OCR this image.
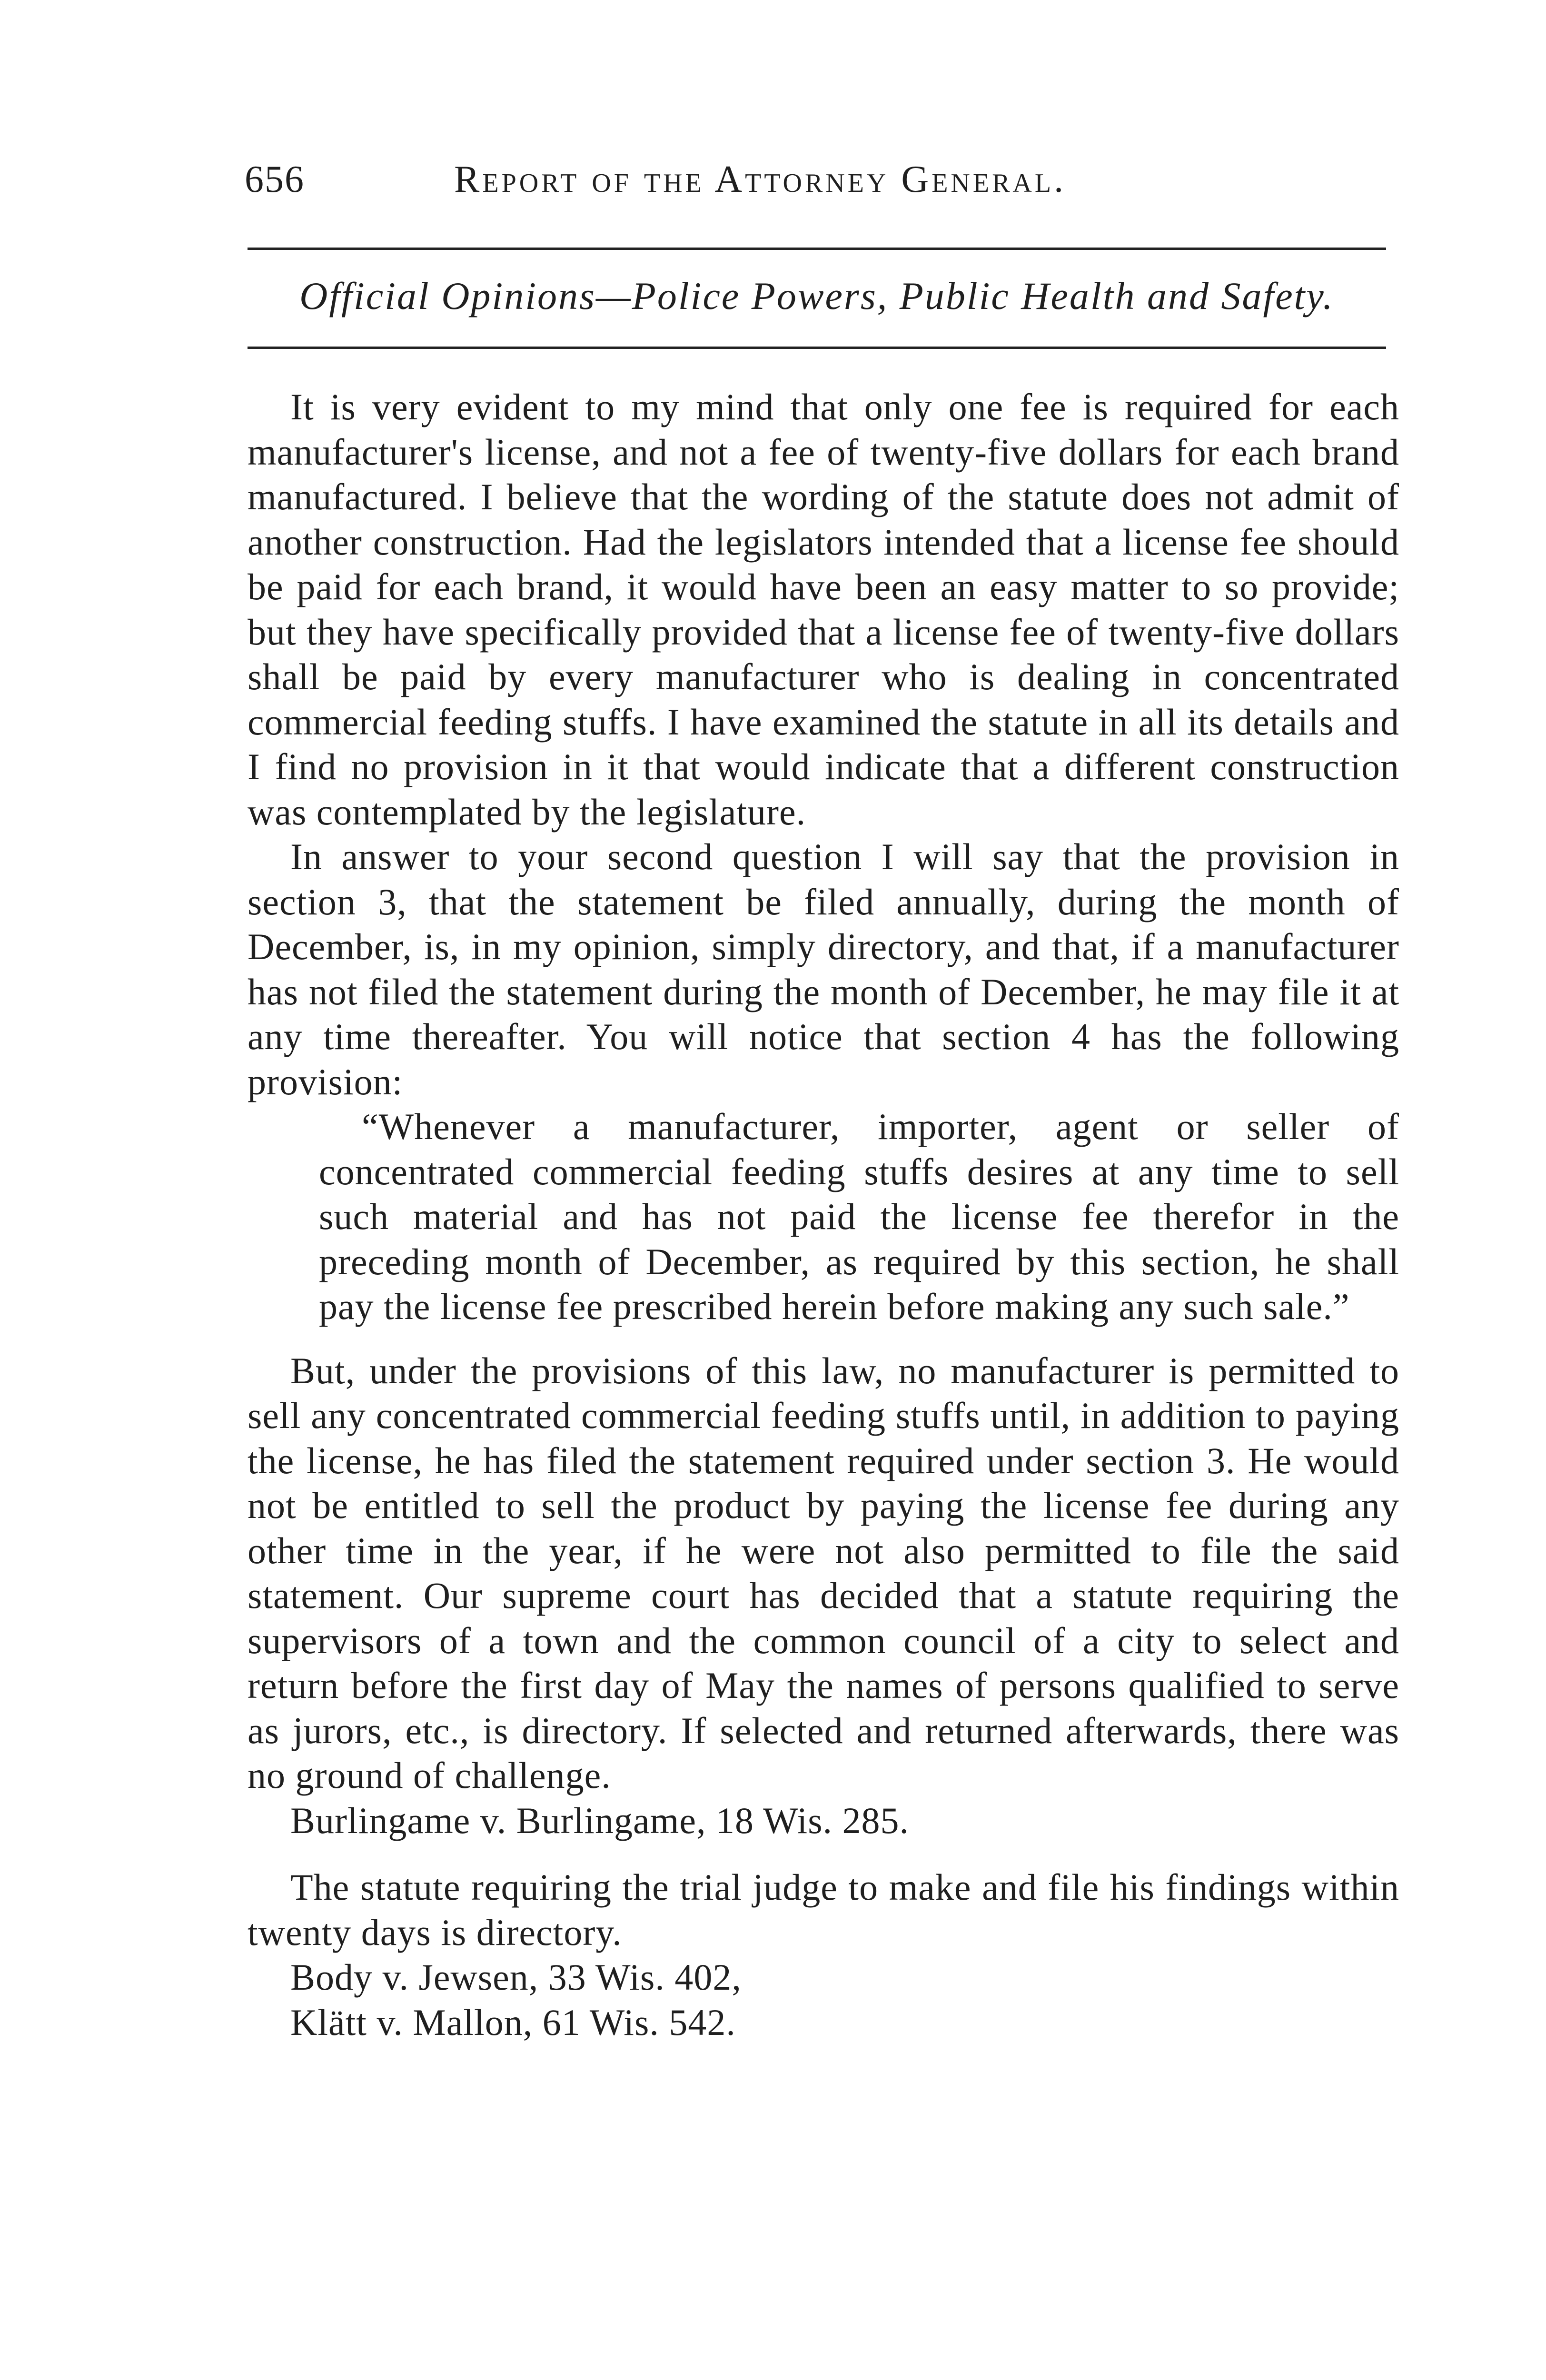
656	Report of the Attorney General.
Official Opinions—Police Powers, Public Health and Safety.

It is very evident to my mind that only one fee is required for each manufacturer's license, and not a fee of twenty-five dollars for each brand manufactured. I believe that the wording of the statute does not admit of another construction. Had the legislators intended that a license fee should be paid for each brand, it would have been an easy matter to so provide; but they have specifically provided that a license fee of twenty-five dollars shall be paid by every manufacturer who is dealing in concentrated commercial feeding stuffs. I have examined the statute in all its details and I find no provision in it that would indicate that a different construction was contemplated by the legislature.

In answer to your second question I will say that the provision in section 3, that the statement be filed annually, during the month of December, is, in my opinion, simply directory, and that, if a manufacturer has not filed the statement during the month of December, he may file it at any time thereafter. You will notice that section 4 has the following provision:

“Whenever a manufacturer, importer, agent or seller of concentrated commercial feeding stuffs desires at any time to sell such material and has not paid the license fee therefor in the preceding month of December, as required by this section, he shall pay the license fee prescribed herein before making any such sale.”

But, under the provisions of this law, no manufacturer is permitted to sell any concentrated commercial feeding stuffs until, in addition to paying the license, he has filed the statement required under section 3. He would not be entitled to sell the product by paying the license fee during any other time in the year, if he were not also permitted to file the said statement. Our supreme court has decided that a statute requiring the supervisors of a town and the common council of a city to select and return before the first day of May the names of persons qualified to serve as jurors, etc., is directory. If selected and returned afterwards, there was no ground of challenge.

Burlingame v. Burlingame, 18 Wis. 285.

The statute requiring the trial judge to make and file his findings within twenty days is directory.

Body v. Jewsen, 33 Wis. 402,

Klätt v. Mallon, 61 Wis. 542.
